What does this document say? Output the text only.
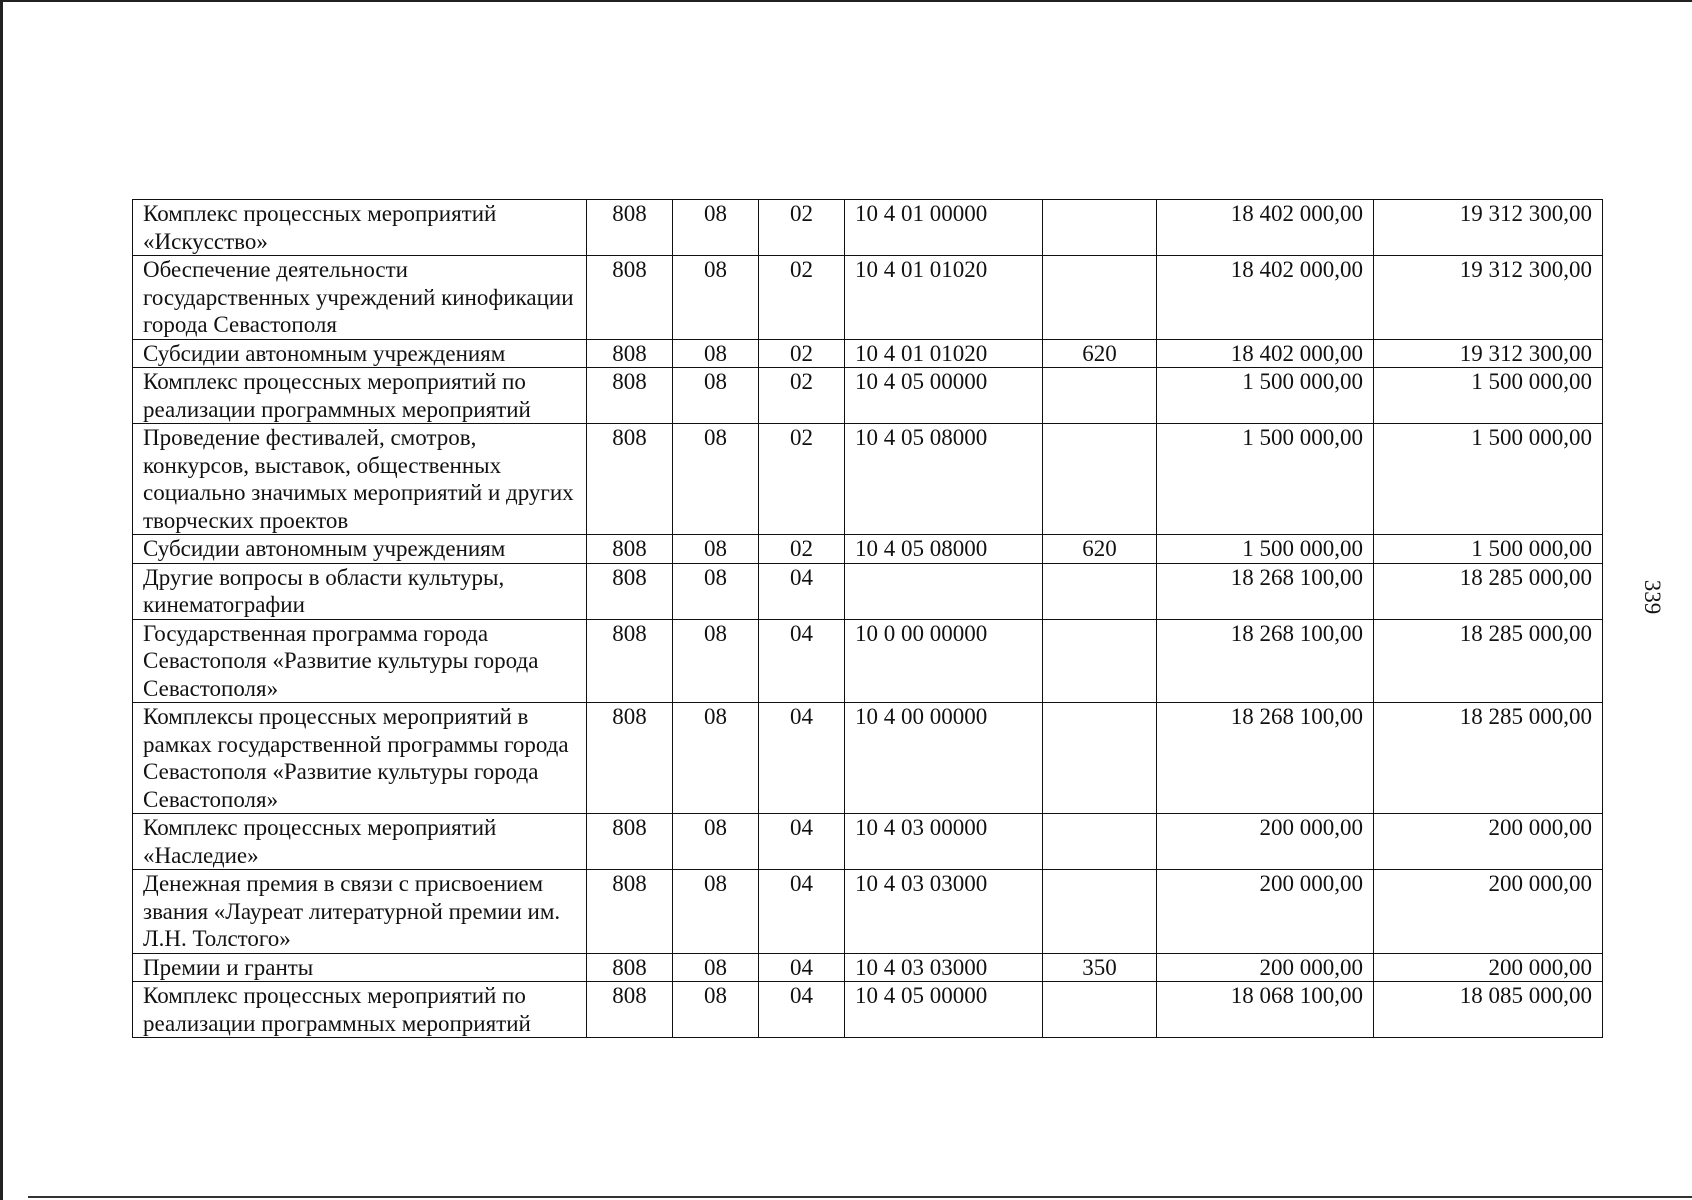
339
Комплекс процессных мероприятий «Искусство»	808	08	02	10 4 01 00000		18 402 000,00	19 312 300,00
Обеспечение деятельности государственных учреждений кинофикации города Севастополя	808	08	02	10 4 01 01020		18 402 000,00	19 312 300,00
Субсидии автономным учреждениям	808	08	02	10 4 01 01020	620	18 402 000,00	19 312 300,00
Комплекс процессных мероприятий по реализации программных мероприятий	808	08	02	10 4 05 00000		1 500 000,00	1 500 000,00
Проведение фестивалей, смотров, конкурсов, выставок, общественных социально значимых мероприятий и других творческих проектов	808	08	02	10 4 05 08000		1 500 000,00	1 500 000,00
Субсидии автономным учреждениям	808	08	02	10 4 05 08000	620	1 500 000,00	1 500 000,00
Другие вопросы в области культуры, кинематографии	808	08	04			18 268 100,00	18 285 000,00
Государственная программа города Севастополя «Развитие культуры города Севастополя»	808	08	04	10 0 00 00000		18 268 100,00	18 285 000,00
Комплексы процессных мероприятий в рамках государственной программы города Севастополя «Развитие культуры города Севастополя»	808	08	04	10 4 00 00000		18 268 100,00	18 285 000,00
Комплекс процессных мероприятий «Наследие»	808	08	04	10 4 03 00000		200 000,00	200 000,00
Денежная премия в связи с присвоением звания «Лауреат литературной премии им. Л.Н. Толстого»	808	08	04	10 4 03 03000		200 000,00	200 000,00
Премии и гранты	808	08	04	10 4 03 03000	350	200 000,00	200 000,00
Комплекс процессных мероприятий по реализации программных мероприятий	808	08	04	10 4 05 00000		18 068 100,00	18 085 000,00
